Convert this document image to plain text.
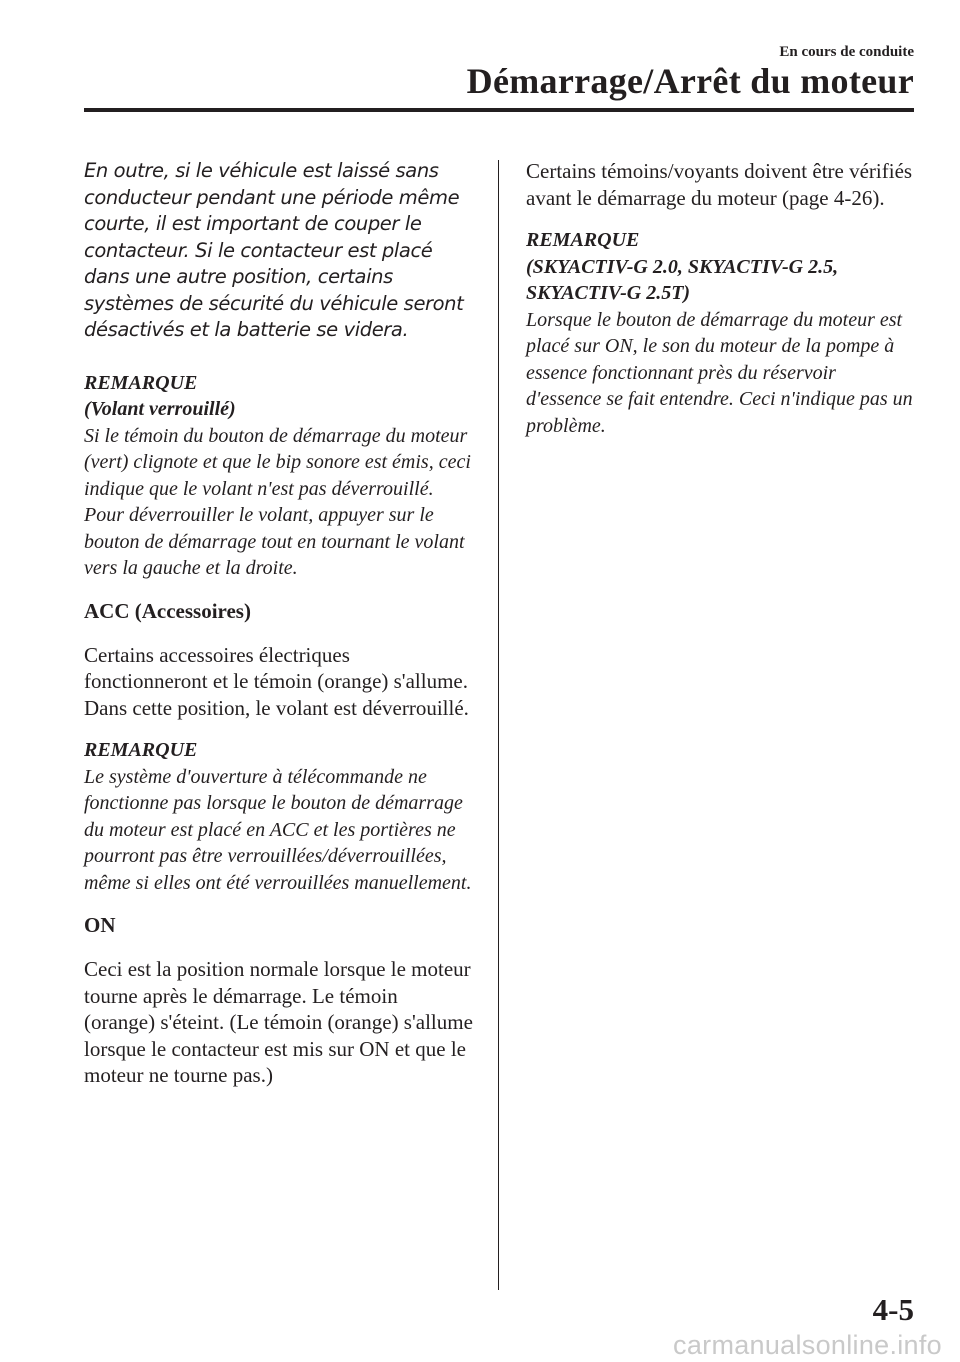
En cours de conduite
Démarrage/Arrêt du moteur

En outre, si le véhicule est laissé sans conducteur pendant une période même courte, il est important de couper le contacteur. Si le contacteur est placé dans une autre position, certains systèmes de sécurité du véhicule seront désactivés et la batterie se videra.

REMARQUE

(Volant verrouillé)

Si le témoin du bouton de démarrage du moteur (vert) clignote et que le bip sonore est émis, ceci indique que le volant n'est pas déverrouillé. Pour déverrouiller le volant, appuyer sur le bouton de démarrage tout en tournant le volant vers la gauche et la droite.

ACC (Accessoires)

Certains accessoires électriques fonctionneront et le témoin (orange) s'allume.

Dans cette position, le volant est déverrouillé.

REMARQUE

Le système d'ouverture à télécommande ne fonctionne pas lorsque le bouton de démarrage du moteur est placé en ACC et les portières ne pourront pas être verrouillées/déverrouillées, même si elles ont été verrouillées manuellement.

ON

Ceci est la position normale lorsque le moteur tourne après le démarrage. Le témoin (orange) s'éteint. (Le témoin (orange) s'allume lorsque le contacteur est mis sur ON et que le moteur ne tourne pas.)

Certains témoins/voyants doivent être vérifiés avant le démarrage du moteur (page 4-26).

REMARQUE

(SKYACTIV-G 2.0, SKYACTIV-G 2.5, SKYACTIV-G 2.5T)

Lorsque le bouton de démarrage du moteur est placé sur ON, le son du moteur de la pompe à essence fonctionnant près du réservoir d'essence se fait entendre. Ceci n'indique pas un problème.

4-5
carmanualsonline.info
